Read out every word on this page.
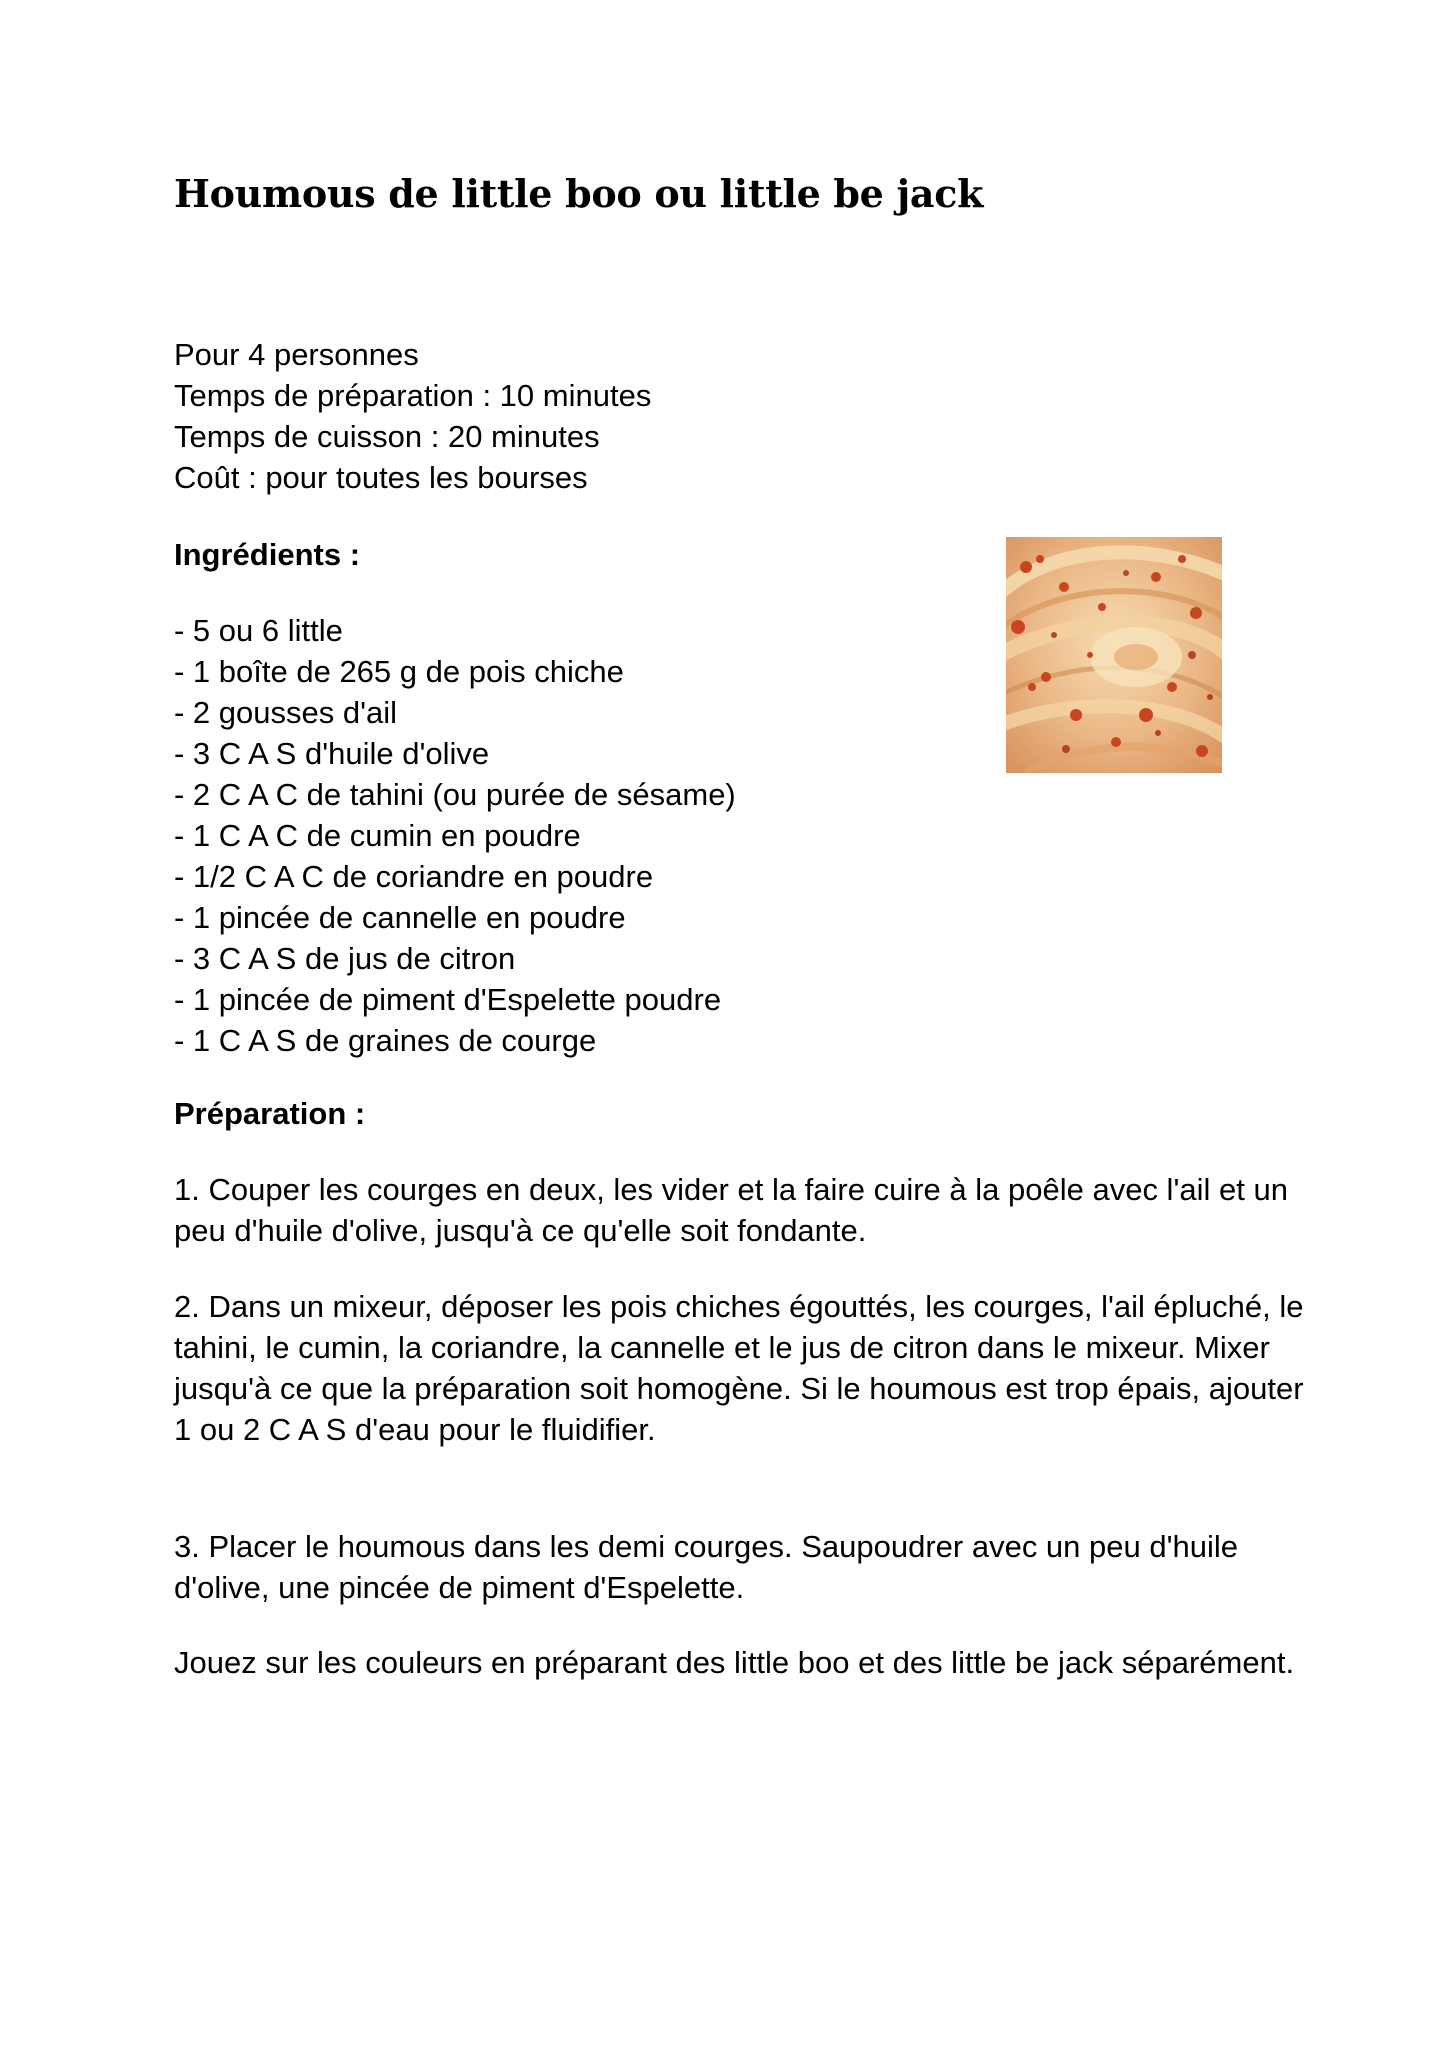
Houmous de little boo ou little be jack
Pour 4 personnes
Temps de préparation : 10 minutes
Temps de cuisson : 20 minutes
Coût : pour toutes les bourses
Ingrédients :
- 5 ou 6 little
- 1 boîte de 265 g de pois chiche
- 2 gousses d'ail
- 3 C A S d'huile d'olive
- 2 C A C de tahini (ou purée de sésame)
- 1 C A C de cumin en poudre
- 1/2 C A C de coriandre en poudre
- 1 pincée de cannelle en poudre
- 3 C A S de jus de citron
- 1 pincée de piment d'Espelette poudre
- 1 C A S de graines de courge
Préparation :

1. Couper les courges en deux, les vider et la faire cuire à la poêle avec l'ail et un peu d'huile d'olive, jusqu'à ce qu'elle soit fondante.

2. Dans un mixeur, déposer les pois chiches égouttés, les courges, l'ail épluché, le tahini, le cumin, la coriandre, la cannelle et le jus de citron dans le mixeur. Mixer jusqu'à ce que la préparation soit homogène. Si le houmous est trop épais, ajouter 1 ou 2 C A S d'eau pour le fluidifier.

3. Placer le houmous dans les demi courges. Saupoudrer avec un peu d'huile d'olive, une pincée de piment d'Espelette.

Jouez sur les couleurs en préparant des little boo et des little be jack séparément.
